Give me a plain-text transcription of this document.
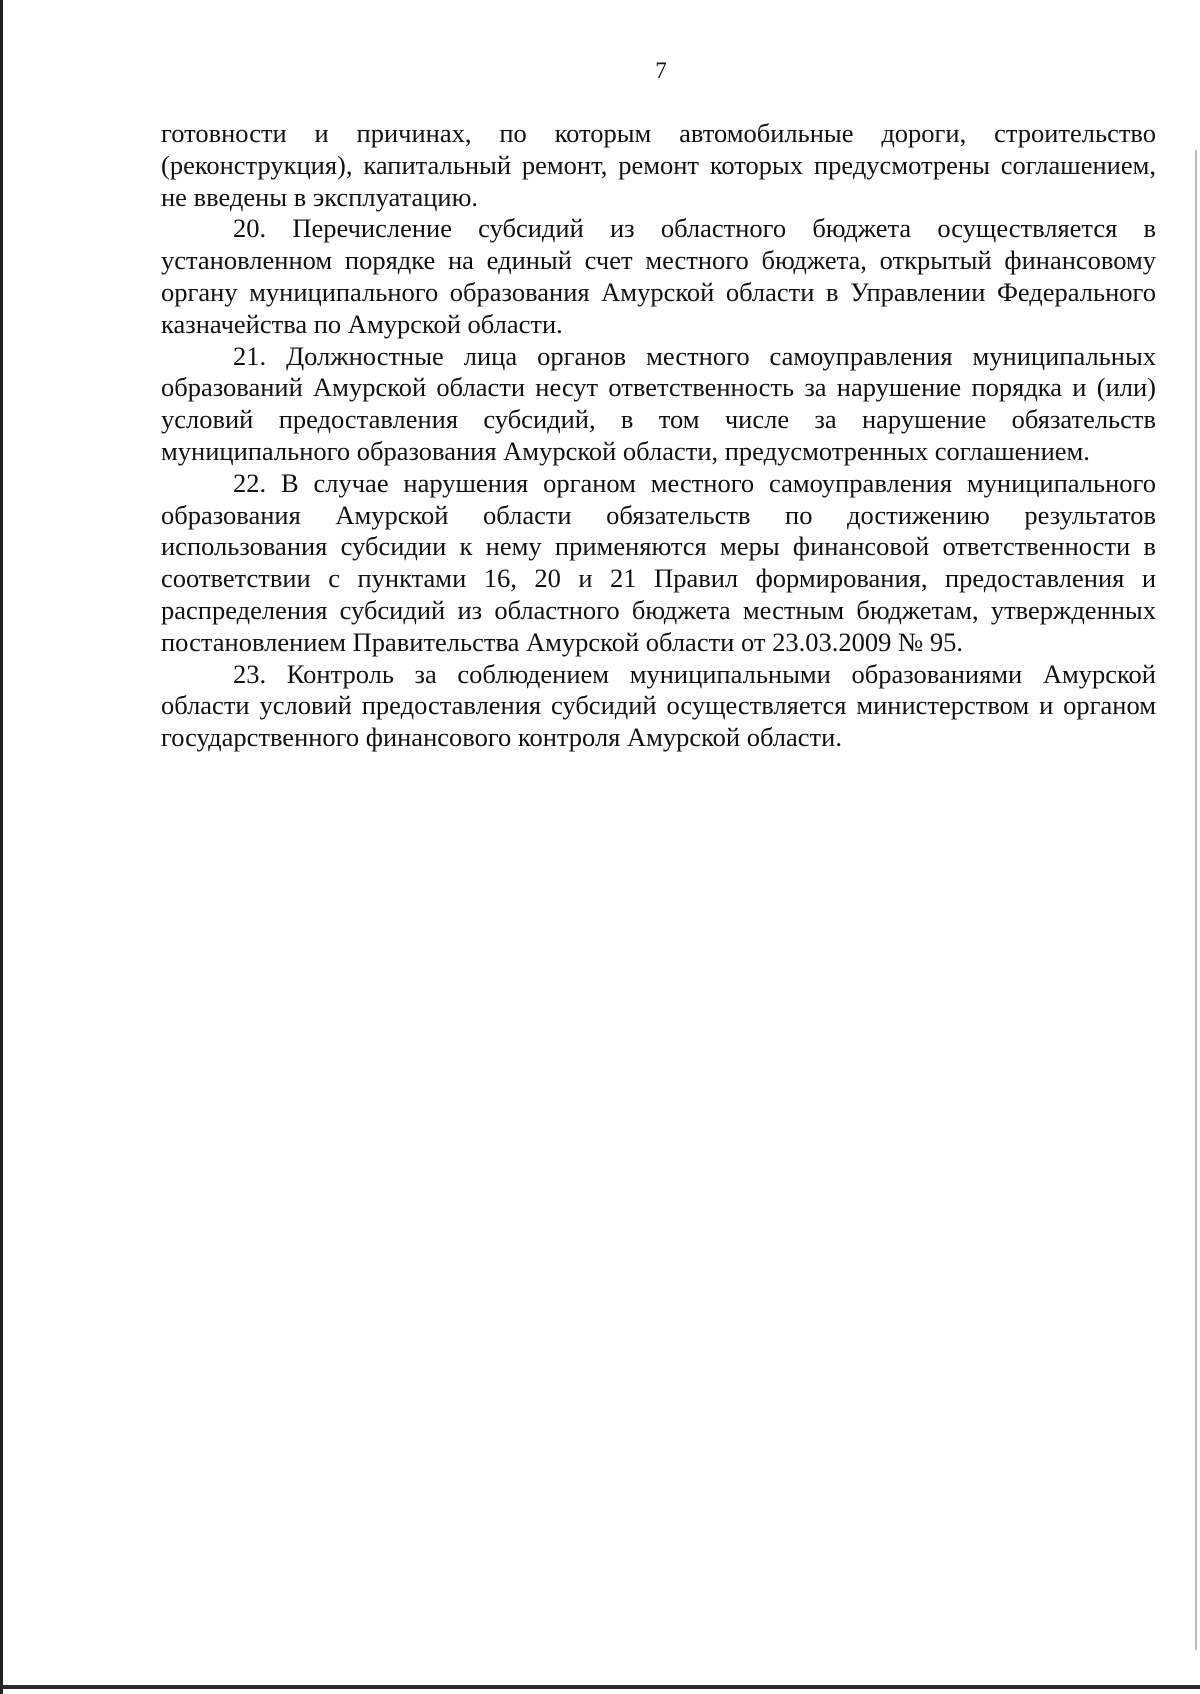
7

готовности и причинах, по которым автомобильные дороги, строительство (реконструкция), капитальный ремонт, ремонт которых предусмотрены соглашением, не введены в эксплуатацию.

20. Перечисление субсидий из областного бюджета осуществляется в установленном порядке на единый счет местного бюджета, открытый финансовому органу муниципального образования Амурской области в Управлении Федерального казначейства по Амурской области.

21. Должностные лица органов местного самоуправления муниципальных образований Амурской области несут ответственность за нарушение порядка и (или) условий предоставления субсидий, в том числе за нарушение обязательств муниципального образования Амурской области, предусмотренных соглашением.

22. В случае нарушения органом местного самоуправления муниципального образования Амурской области обязательств по достижению результатов использования субсидии к нему применяются меры финансовой ответственности в соответствии с пунктами 16, 20 и 21 Правил формирования, предоставления и распределения субсидий из областного бюджета местным бюджетам, утвержденных постановлением Правительства Амурской области от 23.03.2009 № 95.

23. Контроль за соблюдением муниципальными образованиями Амурской области условий предоставления субсидий осуществляется министерством и органом государственного финансового контроля Амурской области.
